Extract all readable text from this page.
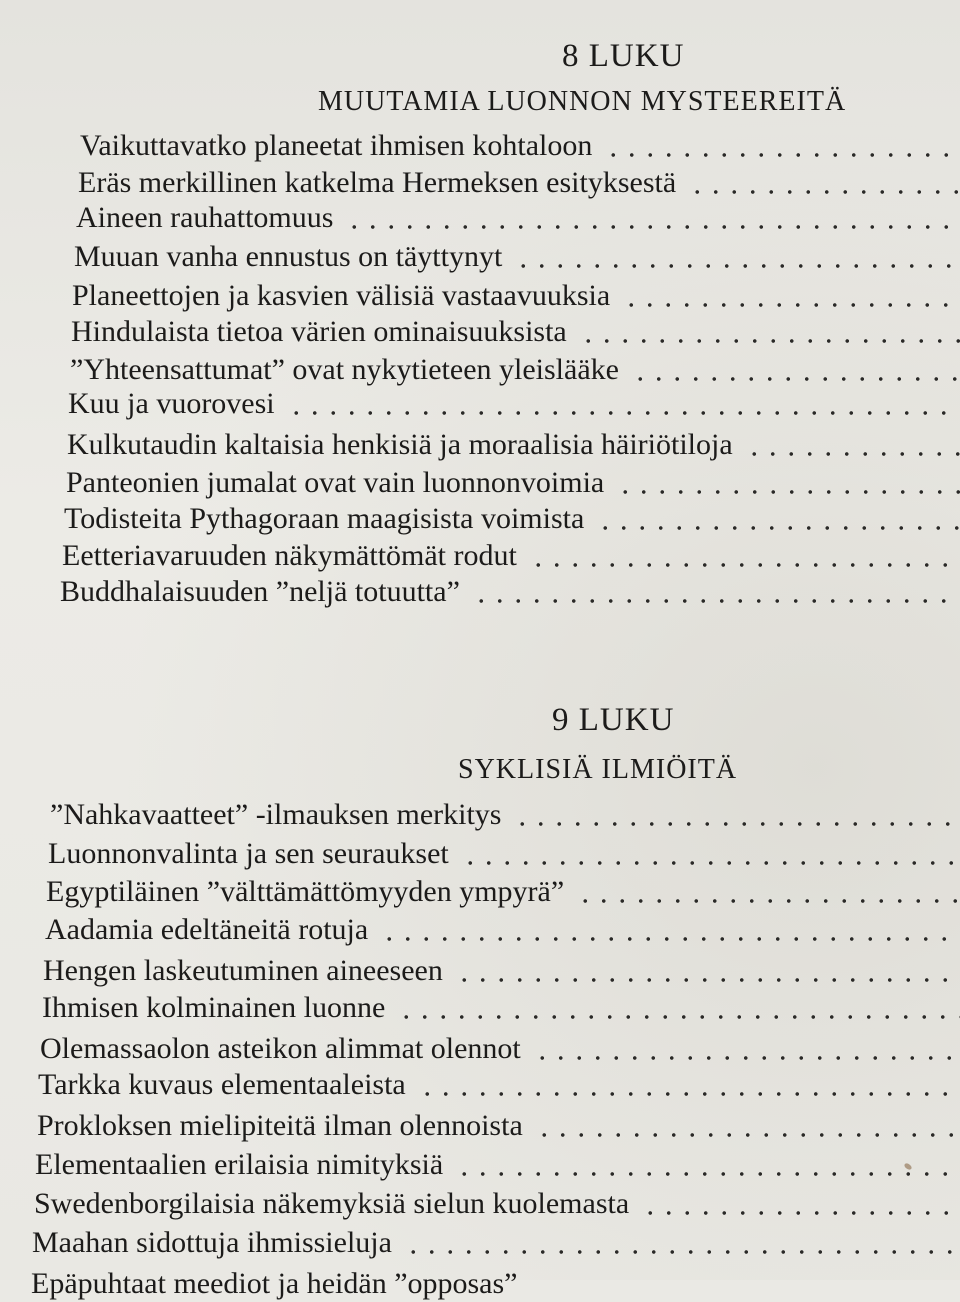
8 LUKU
MUUTAMIA LUONNON MYSTEEREITÄ
Vaikuttavatko planeetat ihmisen kohtaloon
Eräs merkillinen katkelma Hermeksen esityksestä
Aineen rauhattomuus
Muuan vanha ennustus on täyttynyt
Planeettojen ja kasvien välisiä vastaavuuksia
Hindulaista tietoa värien ominaisuuksista
”Yhteensattumat” ovat nykytieteen yleislääke
Kuu ja vuorovesi
Kulkutaudin kaltaisia henkisiä ja moraalisia häiriötiloja
Panteonien jumalat ovat vain luonnonvoimia
Todisteita Pythagoraan maagisista voimista
Eetteriavaruuden näkymättömät rodut
Buddhalaisuuden ”neljä totuutta”
9 LUKU
SYKLISIÄ ILMIÖITÄ
”Nahkavaatteet” -ilmauksen merkitys
Luonnonvalinta ja sen seuraukset
Egyptiläinen ”välttämättömyyden ympyrä”
Aadamia edeltäneitä rotuja
Hengen laskeutuminen aineeseen
Ihmisen kolminainen luonne
Olemassaolon asteikon alimmat olennot
Tarkka kuvaus elementaaleista
Prokloksen mielipiteitä ilman olennoista
Elementaalien erilaisia nimityksiä
Swedenborgilaisia näkemyksiä sielun kuolemasta
Maahan sidottuja ihmissieluja
Epäpuhtaat meediot ja heidän ”opposas”
